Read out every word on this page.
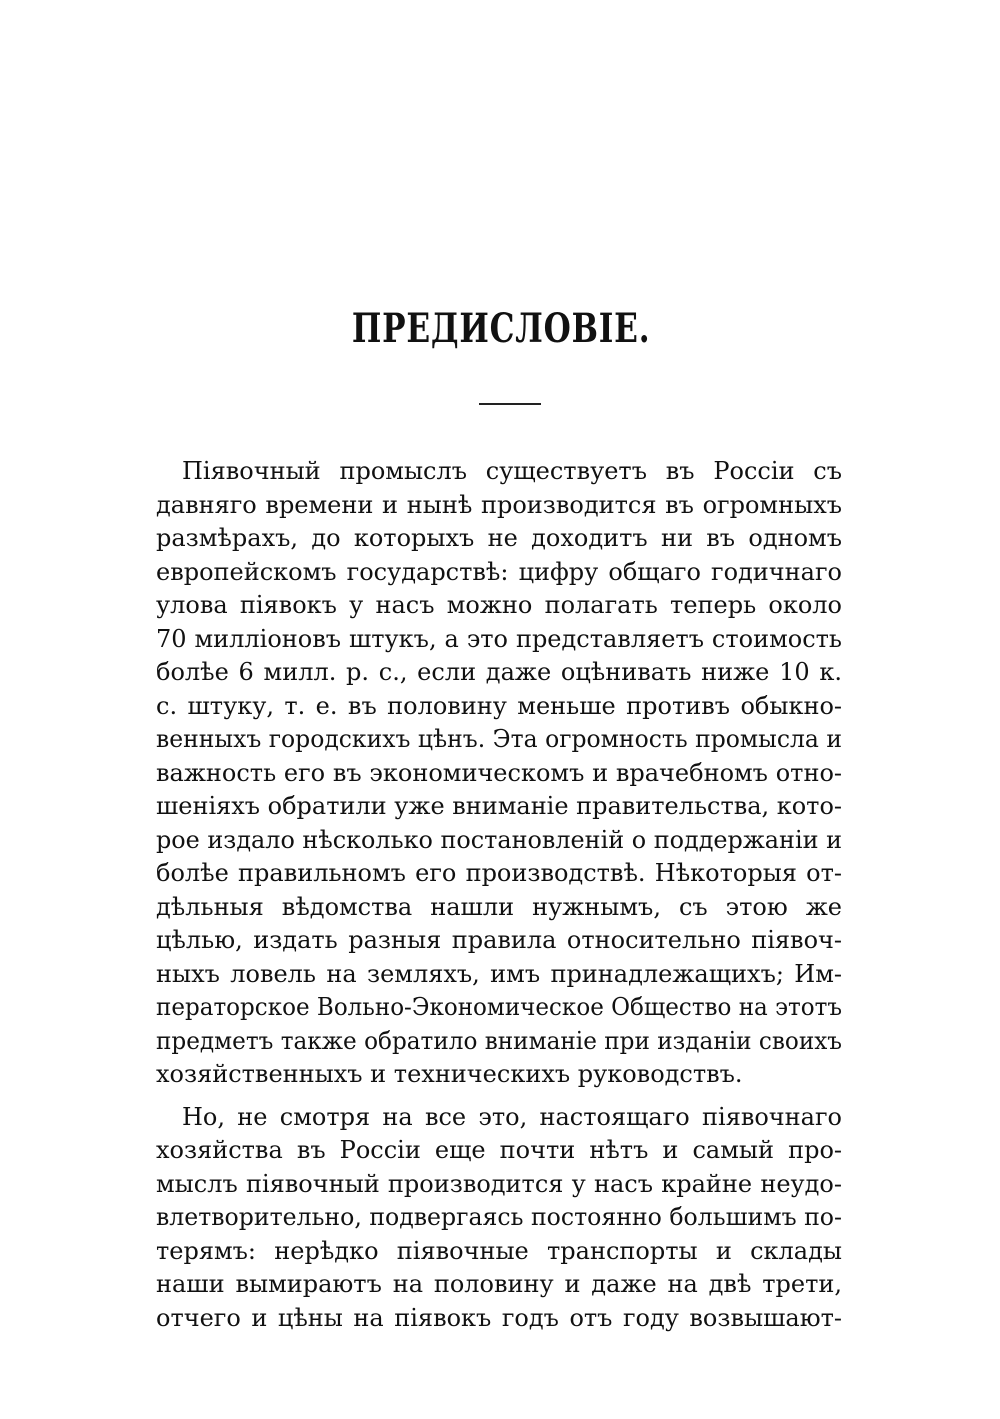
ПРЕДИСЛОВІЕ.
Піявочный промыслъ существуетъ въ Россіи съ
давняго времени и нынѣ производится въ огромныхъ
размѣрахъ, до которыхъ не доходитъ ни въ одномъ
европейскомъ государствѣ: цифру общаго годичнаго
улова піявокъ у насъ можно полагать теперь около
70 милліоновъ штукъ, а это представляетъ стоимость
болѣе 6 милл. р. с., если даже оцѣнивать ниже 10 к.
с. штуку, т. е. въ половину меньше противъ обыкно-
венныхъ городскихъ цѣнъ. Эта огромность промысла и
важность его въ экономическомъ и врачебномъ отно-
шеніяхъ обратили уже вниманіе правительства, кото-
рое издало нѣсколько постановленій о поддержаніи и
болѣе правильномъ его производствѣ. Нѣкоторыя от-
дѣльныя вѣдомства нашли нужнымъ, съ этою же
цѣлью, издать разныя правила относительно піявоч-
ныхъ ловель на земляхъ, имъ принадлежащихъ; Им-
ператорское Вольно-Экономическое Общество на этотъ
предметъ также обратило вниманіе при изданіи своихъ
хозяйственныхъ и техническихъ руководствъ.
Но, не смотря на все это, настоящаго піявочнаго
хозяйства въ Россіи еще почти нѣтъ и самый про-
мыслъ піявочный производится у насъ крайне неудо-
влетворительно, подвергаясь постоянно большимъ по-
терямъ: нерѣдко піявочные транспорты и склады
наши вымираютъ на половину и даже на двѣ трети,
отчего и цѣны на піявокъ годъ отъ году возвышают-
